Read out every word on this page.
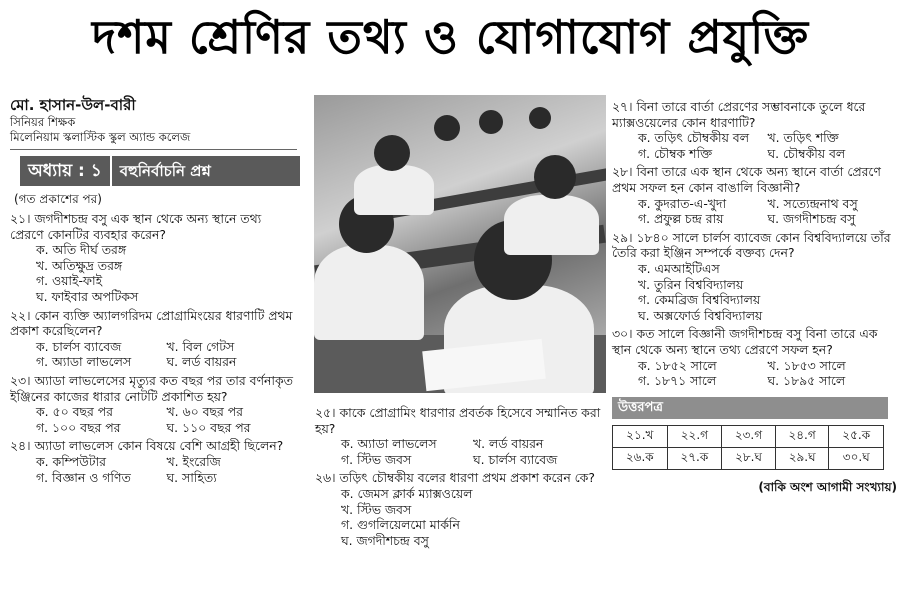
দশম শ্রেণির তথ্য ও যোগাযোগ প্রযুক্তি
মো. হাসান-উল-বারী
সিনিয়র শিক্ষক
মিলেনিয়াম স্কলাস্টিক স্কুল অ্যান্ড কলেজ
অধ্যায় : ১	বহুনির্বাচনি প্রশ্ন
(গত প্রকাশের পর)
২১। জগদীশচন্দ্র বসু এক স্থান থেকে অন্য স্থানে তথ্য প্রেরণে কোনটির ব্যবহার করেন?
ক. অতি দীর্ঘ তরঙ্গ
খ. অতিক্ষুদ্র তরঙ্গ
গ. ওয়াই-ফাই
ঘ. ফাইবার অপটিকস
২২। কোন ব্যক্তি অ্যালগরিদম প্রোগ্রামিংয়ের ধারণাটি প্রথম প্রকাশ করেছিলেন?
ক. চার্লস ব্যাবেজ	খ. বিল গেটস
গ. অ্যাডা লাভলেস	ঘ. লর্ড বায়রন
২৩। অ্যাডা লাভলেসের মৃত্যুর কত বছর পর তার বর্ণনাকৃত ইঞ্জিনের কাজের ধারার নোটটি প্রকাশিত হয়?
ক. ৫০ বছর পর	খ. ৬০ বছর পর
গ. ১০০ বছর পর	ঘ. ১১০ বছর পর
২৪। অ্যাডা লাভলেস কোন বিষয়ে বেশি আগ্রহী ছিলেন?
ক. কম্পিউটার	খ. ইংরেজি
গ. বিজ্ঞান ও গণিত	ঘ. সাহিত্য
২৫। কাকে প্রোগ্রামিং ধারণার প্রবর্তক হিসেবে সম্মানিত করা হয়?
ক. অ্যাডা লাভলেস	খ. লর্ড বায়রন
গ. স্টিভ জবস	ঘ. চার্লস ব্যাবেজ
২৬। তড়িৎ চৌম্বকীয় বলের ধারণা প্রথম প্রকাশ করেন কে?
ক. জেমস ক্লার্ক ম্যাক্সওয়েল
খ. স্টিভ জবস
গ. গুগলিয়েলমো মার্কনি
ঘ. জগদীশচন্দ্র বসু
২৭। বিনা তারে বার্তা প্রেরণের সম্ভাবনাকে তুলে ধরে ম্যাক্সওয়েলের কোন ধারণাটি?
ক. তড়িৎ চৌম্বকীয় বল	খ. তড়িৎ শক্তি
গ. চৌম্বক শক্তি	ঘ. চৌম্বকীয় বল
২৮। বিনা তারে এক স্থান থেকে অন্য স্থানে বার্তা প্রেরণে প্রথম সফল হন কোন বাঙালি বিজ্ঞানী?
ক. কুদরাত-এ-খুদা	খ. সত্যেন্দ্রনাথ বসু
গ. প্রফুল্ল চন্দ্র রায়	ঘ. জগদীশচন্দ্র বসু
২৯। ১৮৪০ সালে চার্লস ব্যাবেজ কোন বিশ্ববিদ্যালয়ে তাঁর তৈরি করা ইঞ্জিন সম্পর্কে বক্তব্য দেন?
ক. এমআইটিএস
খ. তুরিন বিশ্ববিদ্যালয়
গ. কেমব্রিজ বিশ্ববিদ্যালয়
ঘ. অক্সফোর্ড বিশ্ববিদ্যালয়
৩০। কত সালে বিজ্ঞানী জগদীশচন্দ্র বসু বিনা তারে এক স্থান থেকে অন্য স্থানে তথ্য প্রেরণে সফল হন?
ক. ১৮৫২ সালে	খ. ১৮৫৩ সালে
গ. ১৮৭১ সালে	ঘ. ১৮৯৫ সালে
উত্তরপত্র
২১.খ	২২.গ	২৩.গ	২৪.গ	২৫.ক
২৬.ক	২৭.ক	২৮.ঘ	২৯.ঘ	৩০.ঘ
(বাকি অংশ আগামী সংখ্যায়)
